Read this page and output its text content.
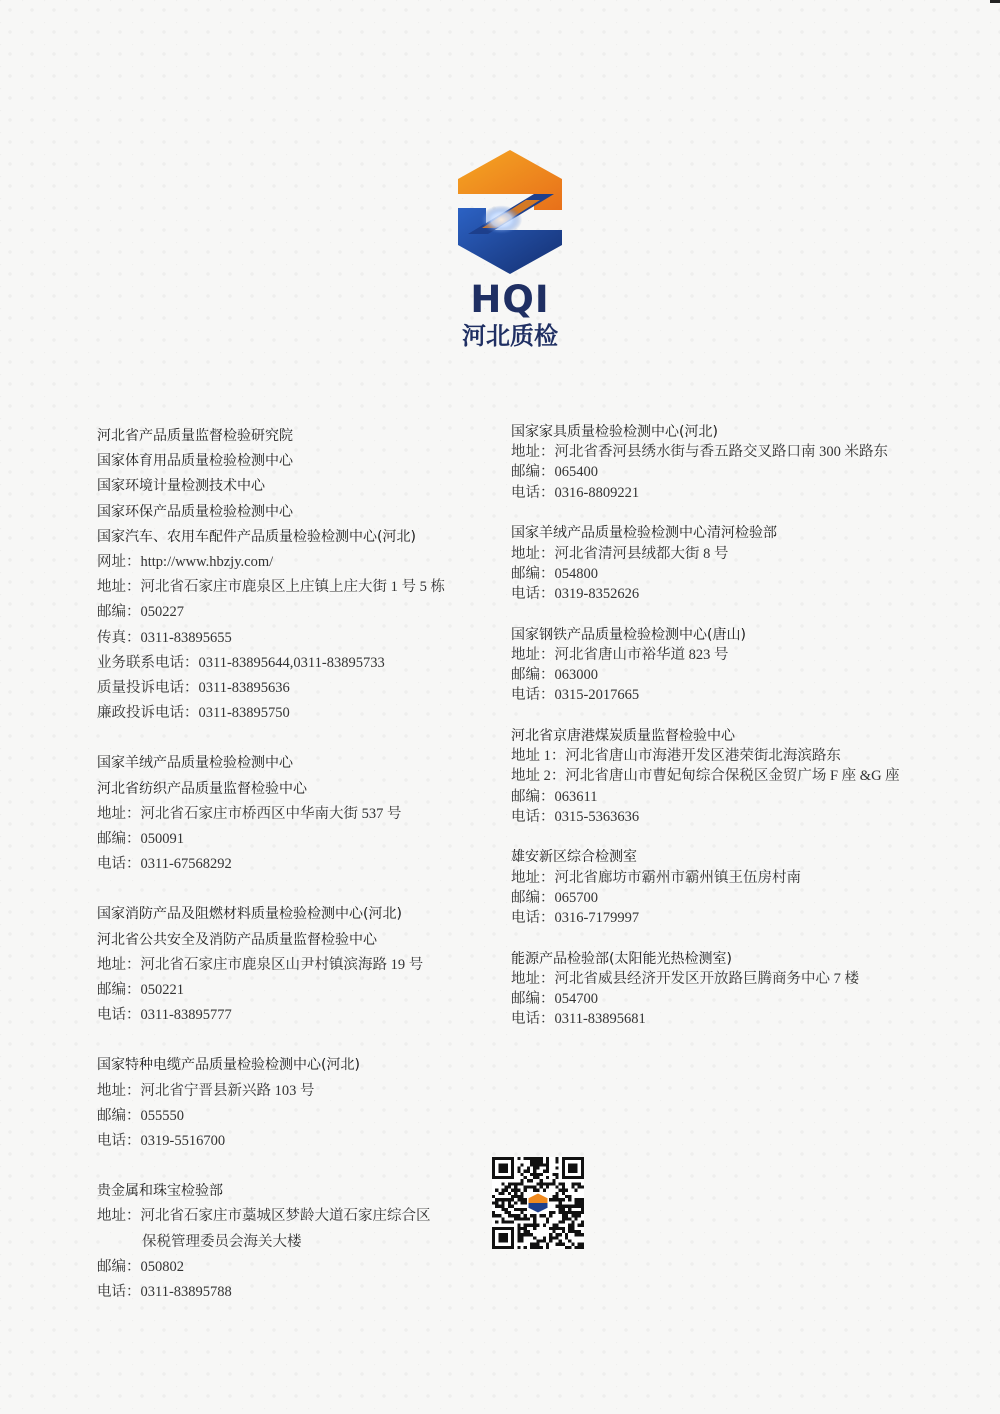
HQI
河北质检
河北省产品质量监督检验研究院
国家体育用品质量检验检测中心
国家环境计量检测技术中心
国家环保产品质量检验检测中心
国家汽车、农用车配件产品质量检验检测中心(河北)
网址：http://www.hbzjy.com/
地址：河北省石家庄市鹿泉区上庄镇上庄大街 1 号 5 栋
邮编：050227
传真：0311-83895655
业务联系电话：0311-83895644,0311-83895733
质量投诉电话：0311-83895636
廉政投诉电话：0311-83895750
国家羊绒产品质量检验检测中心
河北省纺织产品质量监督检验中心
地址：河北省石家庄市桥西区中华南大街 537 号
邮编：050091
电话：0311-67568292
国家消防产品及阻燃材料质量检验检测中心(河北)
河北省公共安全及消防产品质量监督检验中心
地址：河北省石家庄市鹿泉区山尹村镇滨海路 19 号
邮编：050221
电话：0311-83895777
国家特种电缆产品质量检验检测中心(河北)
地址：河北省宁晋县新兴路 103 号
邮编：055550
电话：0319-5516700
贵金属和珠宝检验部
地址：河北省石家庄市藁城区梦龄大道石家庄综合区
保税管理委员会海关大楼
邮编：050802
电话：0311-83895788
国家家具质量检验检测中心(河北)
地址：河北省香河县绣水街与香五路交叉路口南 300 米路东
邮编：065400
电话：0316-8809221
国家羊绒产品质量检验检测中心清河检验部
地址：河北省清河县绒都大街 8 号
邮编：054800
电话：0319-8352626
国家钢铁产品质量检验检测中心(唐山)
地址：河北省唐山市裕华道 823 号
邮编：063000
电话：0315-2017665
河北省京唐港煤炭质量监督检验中心
地址 1：河北省唐山市海港开发区港荣街北海滨路东
地址 2：河北省唐山市曹妃甸综合保税区金贸广场 F 座 &G 座
邮编：063611
电话：0315-5363636
雄安新区综合检测室
地址：河北省廊坊市霸州市霸州镇王伍房村南
邮编：065700
电话：0316-7179997
能源产品检验部(太阳能光热检测室)
地址：河北省威县经济开发区开放路巨腾商务中心 7 楼
邮编：054700
电话：0311-83895681
